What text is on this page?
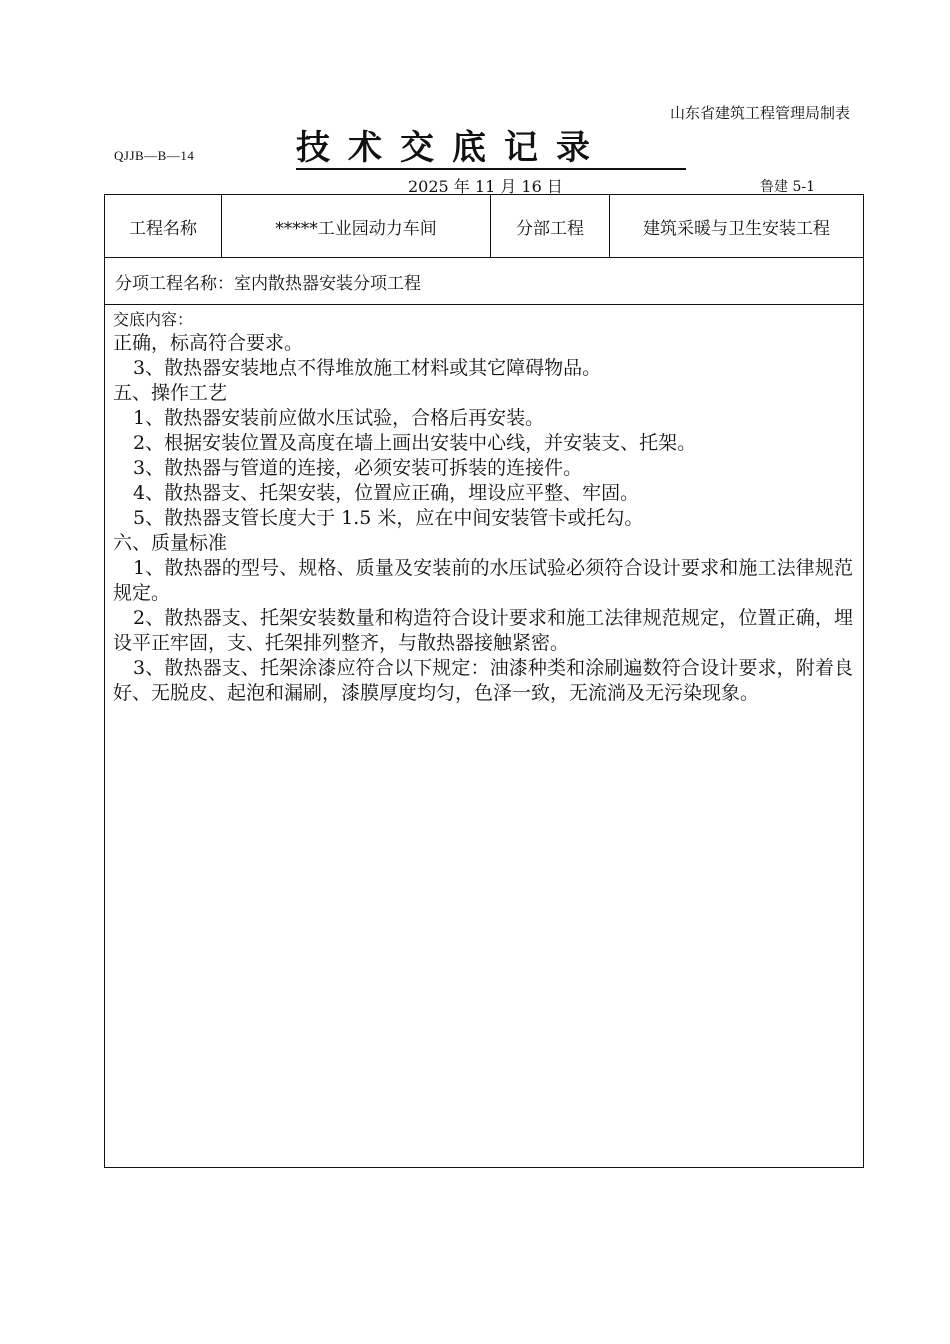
山东省建筑工程管理局制表
QJJB—B—14	技术交底记录
2025 年 11 月 16 日	鲁建 5-1
工程名称	*****工业园动力车间	分部工程	建筑采暖与卫生安装工程
分项工程名称：室内散热器安装分项工程

交底内容：
正确，标高符合要求。
3、散热器安装地点不得堆放施工材料或其它障碍物品。
五、操作工艺
1、散热器安装前应做水压试验，合格后再安装。
2、根据安装位置及高度在墙上画出安装中心线，并安装支、托架。
3、散热器与管道的连接，必须安装可拆装的连接件。
4、散热器支、托架安装，位置应正确，埋设应平整、牢固。
5、散热器支管长度大于 1.5 米，应在中间安装管卡或托勾。
六、质量标准
1、散热器的型号、规格、质量及安装前的水压试验必须符合设计要求和施工法律规范规定。
2、散热器支、托架安装数量和构造符合设计要求和施工法律规范规定，位置正确，埋设平正牢固，支、托架排列整齐，与散热器接触紧密。
3、散热器支、托架涂漆应符合以下规定：油漆种类和涂刷遍数符合设计要求，附着良好、无脱皮、起泡和漏刷，漆膜厚度均匀，色泽一致，无流淌及无污染现象。
